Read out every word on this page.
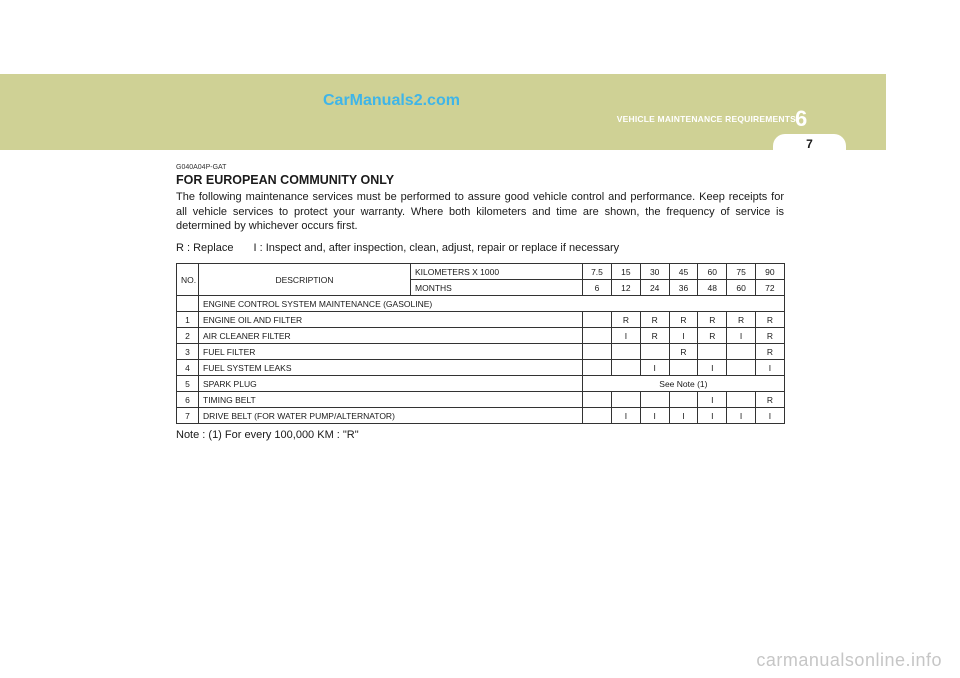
7
CarManuals2.com
VEHICLE MAINTENANCE REQUIREMENTS 6
G040A04P-GAT
FOR EUROPEAN COMMUNITY ONLY
The following maintenance services must be performed to assure good vehicle control and performance. Keep receipts for all vehicle services to protect your warranty. Where both kilometers and time are shown, the frequency of service is determined by whichever occurs first.
R : Replace I : Inspect and, after inspection, clean, adjust, repair or replace if necessary
NO.	DESCRIPTION	KILOMETERS X 1000	7.5	15	30	45	60	75	90
		MONTHS	6	12	24	36	48	60	72
	ENGINE CONTROL SYSTEM MAINTENANCE (GASOLINE)								
1	ENGINE OIL AND FILTER			R	R	R	R	R	R
2	AIR CLEANER FILTER			I	R	I	R	I	R
3	FUEL FILTER					R			R
4	FUEL SYSTEM LEAKS				I		I		I
5	SPARK PLUG		See Note (1)						
6	TIMING BELT						I		R
7	DRIVE BELT (FOR WATER PUMP/ALTERNATOR)			I	I	I	I	I	I
Note : (1) For every 100,000 KM : "R"
carmanualsonline.info
